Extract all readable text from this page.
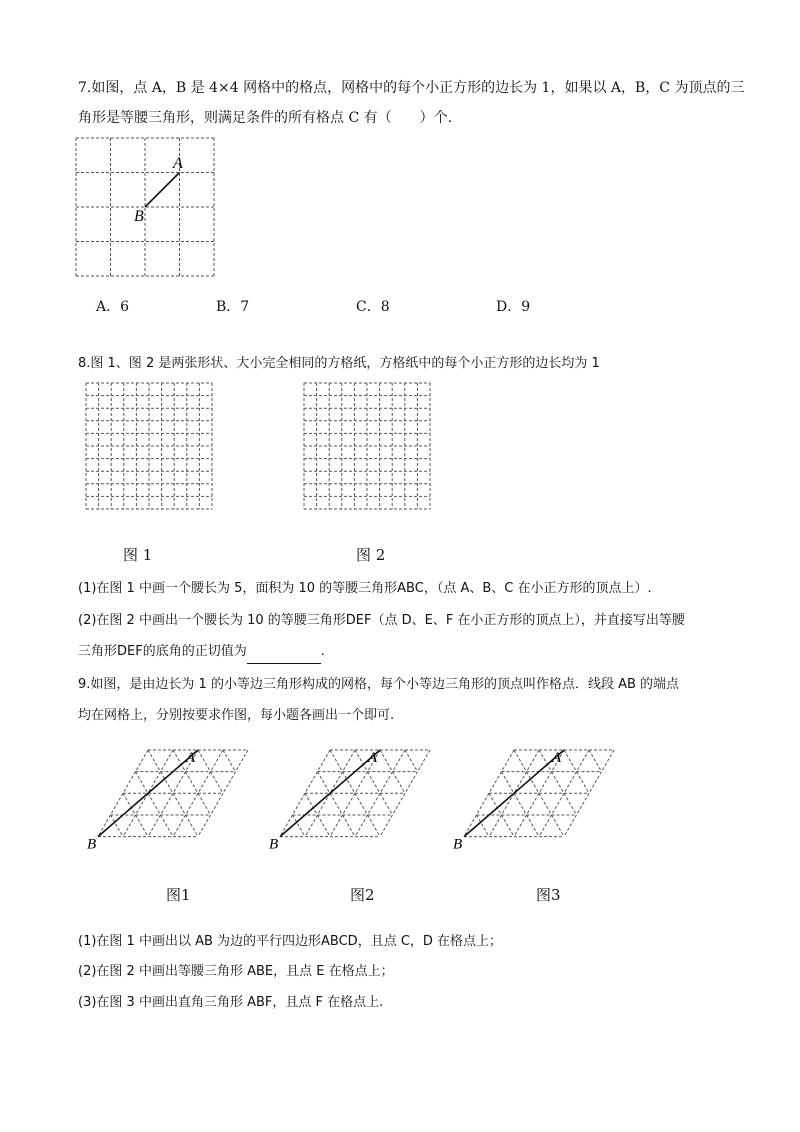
7.如图，点 A，B 是 4×4 网格中的格点，网格中的每个小正方形的边长为 1，如果以 A，B，C 为顶点的三
角形是等腰三角形，则满足条件的所有格点 C 有（　　）个.
A
B
A．6	B．7	C．8	D．9
8.图 1、图 2 是两张形状、大小完全相同的方格纸，方格纸中的每个小正方形的边长均为 1
图 1	图 2
(1)在图 1 中画一个腰长为 5，面积为 10 的等腰三角形ABC，（点 A、B、C 在小正方形的顶点上）.
(2)在图 2 中画出一个腰长为 10 的等腰三角形DEF（点 D、E、F 在小正方形的顶点上），并直接写出等腰
三角形DEF的底角的正切值为	.
9.如图，是由边长为 1 的小等边三角形构成的网格，每个小等边三角形的顶点叫作格点．线段 AB 的端点
均在网格上，分别按要求作图，每小题各画出一个即可.
A
B
A
B
A
B
图1	图2	图3
(1)在图 1 中画出以 AB 为边的平行四边形ABCD，且点 C，D 在格点上；
(2)在图 2 中画出等腰三角形 ABE，且点 E 在格点上；
(3)在图 3 中画出直角三角形 ABF，且点 F 在格点上.
